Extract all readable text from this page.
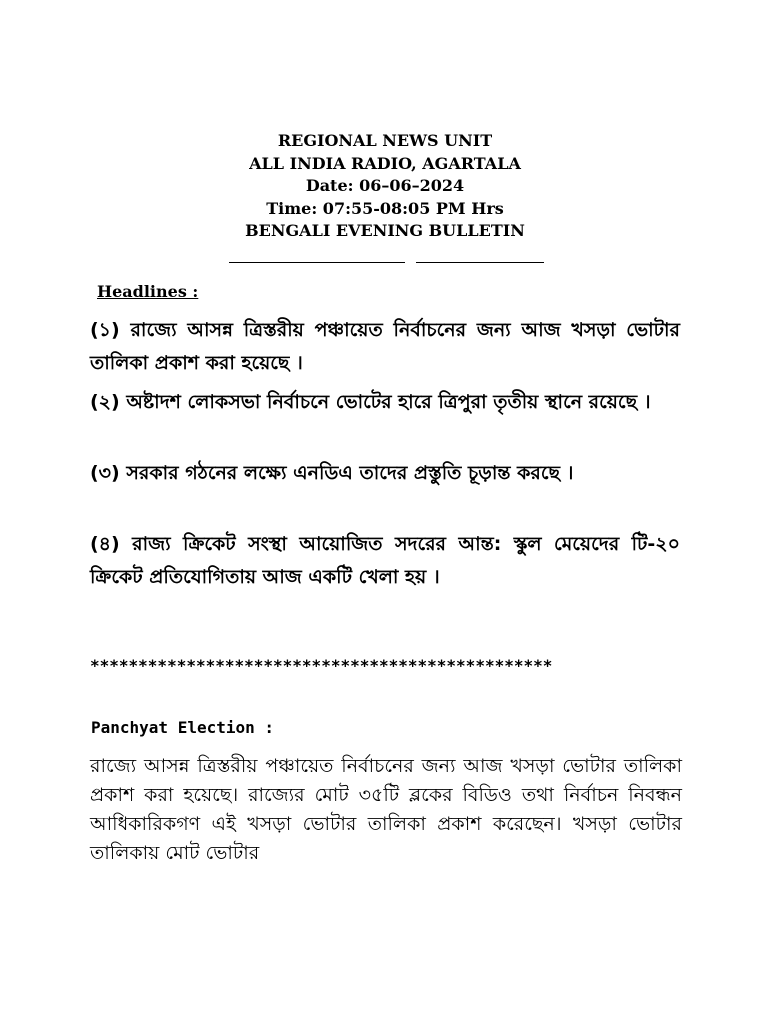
REGIONAL NEWS UNIT
ALL INDIA RADIO, AGARTALA
Date: 06–06–2024
Time: 07:55-08:05 PM Hrs
BENGALI EVENING BULLETIN
Headlines :
(১) রাজ্যে আসন্ন ত্রিস্তরীয় পঞ্চায়েত নির্বাচনের জন্য আজ খসড়া ভোটার তালিকা প্রকাশ করা হয়েছে ।
(২) অষ্টাদশ লোকসভা নির্বাচনে ভোটের হারে ত্রিপুরা তৃতীয় স্থানে রয়েছে ।
(৩) সরকার গঠনের লক্ষ্যে এনডিএ তাদের প্রস্তুতি চূড়ান্ত করছে ।
(৪) রাজ্য ক্রিকেট সংস্থা আয়োজিত সদরের আন্ত: স্কুল মেয়েদের টি-২০ ক্রিকেট প্রতিযোগিতায় আজ একটি খেলা হয় ।
************************************************
Panchyat Election :
রাজ্যে আসন্ন ত্রিস্তরীয় পঞ্চায়েত নির্বাচনের জন্য আজ খসড়া ভোটার তালিকা প্রকাশ করা হয়েছে। রাজ্যের মোট ৩৫টি ব্লকের বিডিও তথা নির্বাচন নিবন্ধন আধিকারিকগণ এই খসড়া ভোটার তালিকা প্রকাশ করেছেন। খসড়া ভোটার তালিকায় মোট ভোটার
